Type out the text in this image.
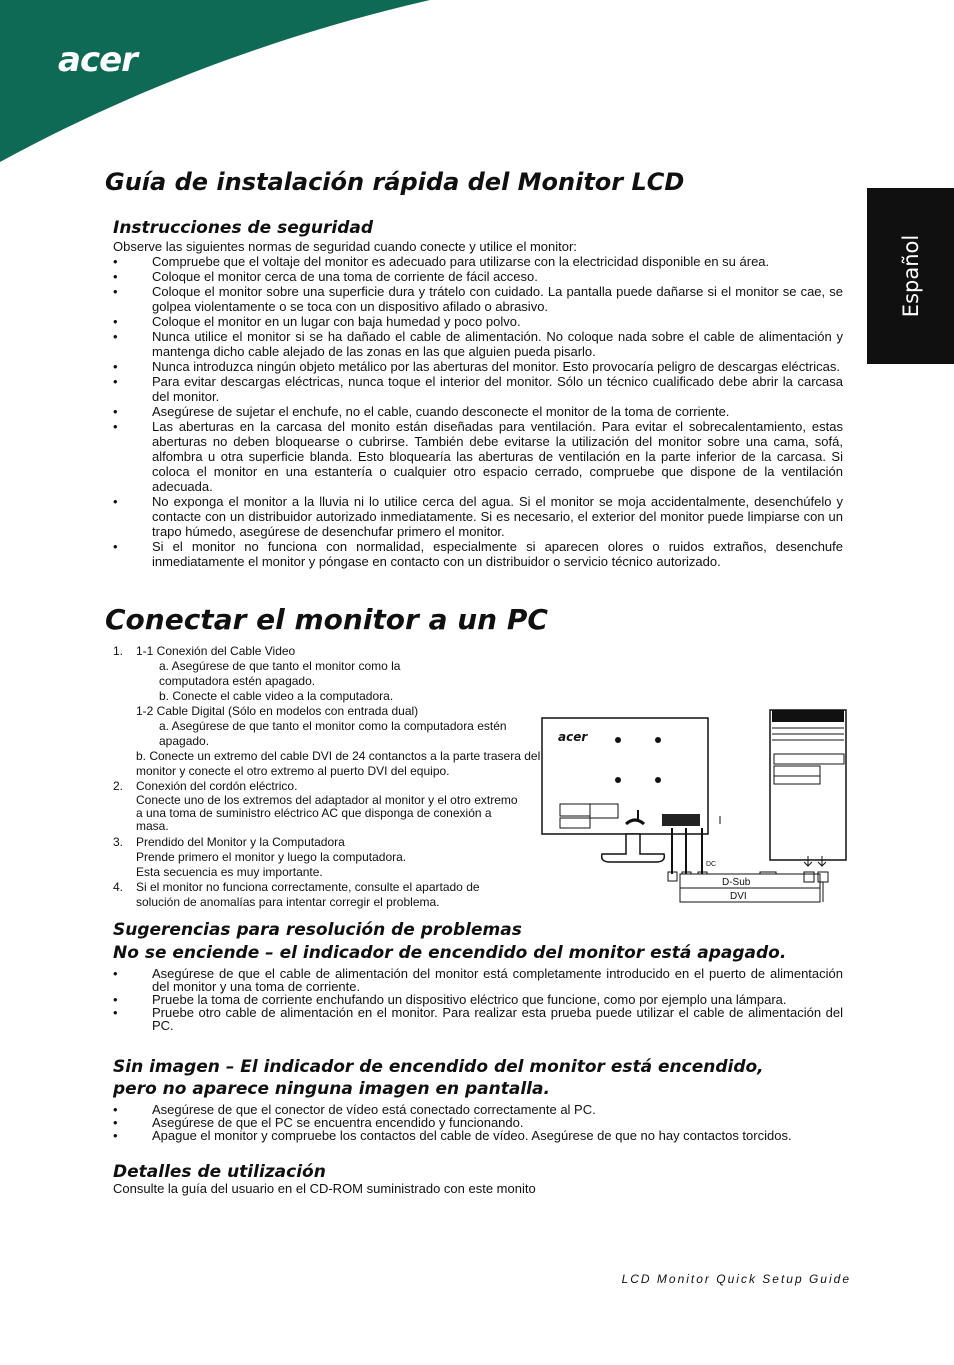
acer
Español
Guía de instalación rápida del Monitor LCD
Instrucciones de seguridad
Observe las siguientes normas de seguridad cuando conecte y utilice el monitor:
• Compruebe que el voltaje del monitor es adecuado para utilizarse con la electricidad disponible en su área.
• Coloque el monitor cerca de una toma de corriente de fácil acceso.
• Coloque el monitor sobre una superficie dura y trátelo con cuidado. La pantalla puede dañarse si el monitor se cae, se golpea violentamente o se toca con un dispositivo afilado o abrasivo.
• Coloque el monitor en un lugar con baja humedad y poco polvo.
• Nunca utilice el monitor si se ha dañado el cable de alimentación. No coloque nada sobre el cable de alimentación y mantenga dicho cable alejado de las zonas en las que alguien pueda pisarlo.
• Nunca introduzca ningún objeto metálico por las aberturas del monitor. Esto provocaría peligro de descargas eléctricas.
• Para evitar descargas eléctricas, nunca toque el interior del monitor. Sólo un técnico cualificado debe abrir la carcasa del monitor.
• Asegúrese de sujetar el enchufe, no el cable, cuando desconecte el monitor de la toma de corriente.
• Las aberturas en la carcasa del monito están diseñadas para ventilación. Para evitar el sobrecalentamiento, estas aberturas no deben bloquearse o cubrirse. También debe evitarse la utilización del monitor sobre una cama, sofá, alfombra u otra superficie blanda. Esto bloquearía las aberturas de ventilación en la parte inferior de la carcasa. Si coloca el monitor en una estantería o cualquier otro espacio cerrado, compruebe que dispone de la ventilación adecuada.
• No exponga el monitor a la lluvia ni lo utilice cerca del agua. Si el monitor se moja accidentalmente, desenchúfelo y contacte con un distribuidor autorizado inmediatamente. Si es necesario, el exterior del monitor puede limpiarse con un trapo húmedo, asegúrese de desenchufar primero el monitor.
• Si el monitor no funciona con normalidad, especialmente si aparecen olores o ruidos extraños, desenchufe inmediatamente el monitor y póngase en contacto con un distribuidor o servicio técnico autorizado.
Conectar el monitor a un PC
1. 1-1 Conexión del Cable Video
a. Asegúrese de que tanto el monitor como la computadora estén apagado.
b. Conecte el cable video a la computadora.
1-2 Cable Digital (Sólo en modelos con entrada dual)
a. Asegúrese de que tanto el monitor como la computadora estén apagado.
b. Conecte un extremo del cable DVI de 24 contanctos a la parte trasera del monitor y conecte el otro extremo al puerto DVI del equipo.
2. Conexión del cordón eléctrico.
Conecte uno de los extremos del adaptador al monitor y el otro extremo a una toma de suministro eléctrico AC que disponga de conexión a masa.
3. Prendido del Monitor y la Computadora
Prende primero el monitor y luego la computadora.
Esta secuencia es muy importante.
4. Si el monitor no funciona correctamente, consulte el apartado de solución de anomalías para intentar corregir el problema.
acer
DC
D-Sub
DVI
Sugerencias para resolución de problemas
No se enciende – el indicador de encendido del monitor está apagado.
• Asegúrese de que el cable de alimentación del monitor está completamente introducido en el puerto de alimentación del monitor y una toma de corriente.
• Pruebe la toma de corriente enchufando un dispositivo eléctrico que funcione, como por ejemplo una lámpara.
• Pruebe otro cable de alimentación en el monitor. Para realizar esta prueba puede utilizar el cable de alimentación del PC.
Sin imagen – El indicador de encendido del monitor está encendido,
pero no aparece ninguna imagen en pantalla.
• Asegúrese de que el conector de vídeo está conectado correctamente al PC.
• Asegúrese de que el PC se encuentra encendido y funcionando.
• Apague el monitor y compruebe los contactos del cable de vídeo. Asegúrese de que no hay contactos torcidos.
Detalles de utilización
Consulte la guía del usuario en el CD-ROM suministrado con este monito
LCD Monitor Quick Setup Guide
